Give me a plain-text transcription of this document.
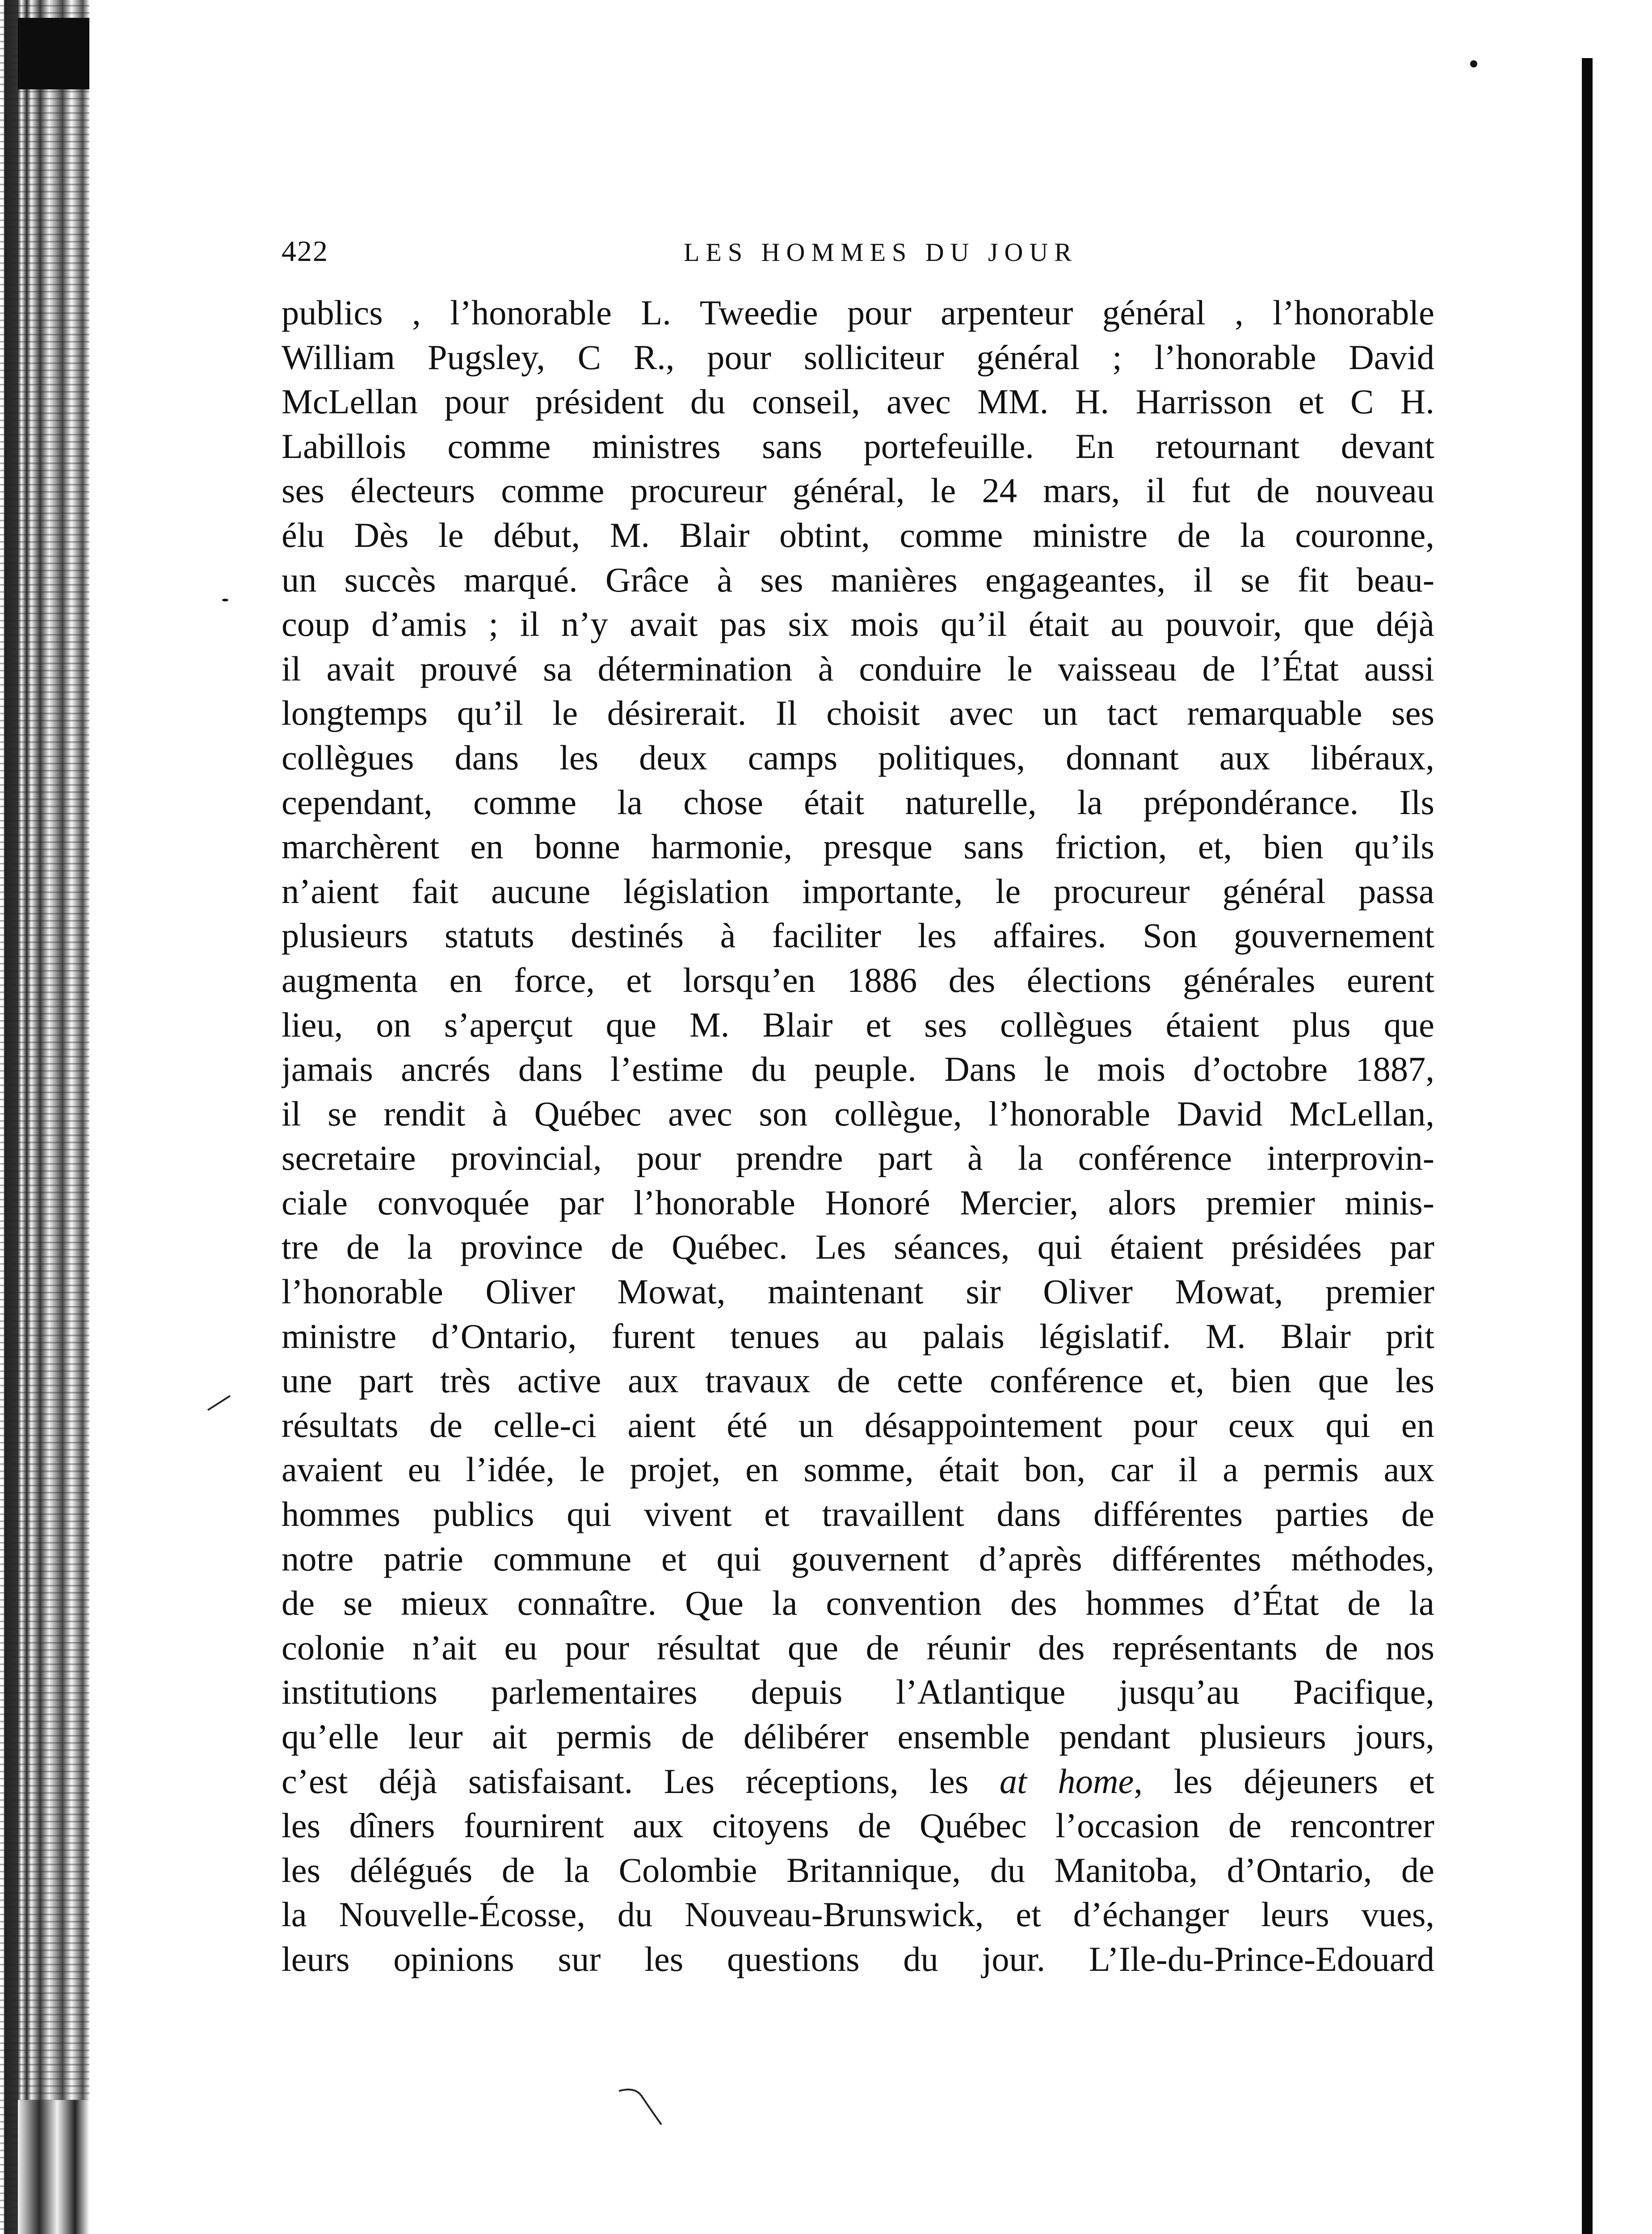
422	LES HOMMES DU JOUR
publics , l’honorable L. Tweedie pour arpenteur général , l’honorable
William Pugsley, C R., pour solliciteur général ; l’honorable David
McLellan pour président du conseil, avec MM. H. Harrisson et C H.
Labillois comme ministres sans portefeuille. En retournant devant
ses électeurs comme procureur général, le 24 mars, il fut de nouveau
élu Dès le début, M. Blair obtint, comme ministre de la couronne,
un succès marqué. Grâce à ses manières engageantes, il se fit beau-
coup d’amis ; il n’y avait pas six mois qu’il était au pouvoir, que déjà
il avait prouvé sa détermination à conduire le vaisseau de l’État aussi
longtemps qu’il le désirerait. Il choisit avec un tact remarquable ses
collègues dans les deux camps politiques, donnant aux libéraux,
cependant, comme la chose était naturelle, la prépondérance. Ils
marchèrent en bonne harmonie, presque sans friction, et, bien qu’ils
n’aient fait aucune législation importante, le procureur général passa
plusieurs statuts destinés à faciliter les affaires. Son gouvernement
augmenta en force, et lorsqu’en 1886 des élections générales eurent
lieu, on s’aperçut que M. Blair et ses collègues étaient plus que
jamais ancrés dans l’estime du peuple. Dans le mois d’octobre 1887,
il se rendit à Québec avec son collègue, l’honorable David McLellan,
secretaire provincial, pour prendre part à la conférence interprovin-
ciale convoquée par l’honorable Honoré Mercier, alors premier minis-
tre de la province de Québec. Les séances, qui étaient présidées par
l’honorable Oliver Mowat, maintenant sir Oliver Mowat, premier
ministre d’Ontario, furent tenues au palais législatif. M. Blair prit
une part très active aux travaux de cette conférence et, bien que les
résultats de celle-ci aient été un désappointement pour ceux qui en
avaient eu l’idée, le projet, en somme, était bon, car il a permis aux
hommes publics qui vivent et travaillent dans différentes parties de
notre patrie commune et qui gouvernent d’après différentes méthodes,
de se mieux connaître. Que la convention des hommes d’État de la
colonie n’ait eu pour résultat que de réunir des représentants de nos
institutions parlementaires depuis l’Atlantique jusqu’au Pacifique,
qu’elle leur ait permis de délibérer ensemble pendant plusieurs jours,
c’est déjà satisfaisant. Les réceptions, les at home, les déjeuners et
les dîners fournirent aux citoyens de Québec l’occasion de rencontrer
les délégués de la Colombie Britannique, du Manitoba, d’Ontario, de
la Nouvelle-Écosse, du Nouveau-Brunswick, et d’échanger leurs vues,
leurs opinions sur les questions du jour. L’Ile-du-Prince-Edouard
